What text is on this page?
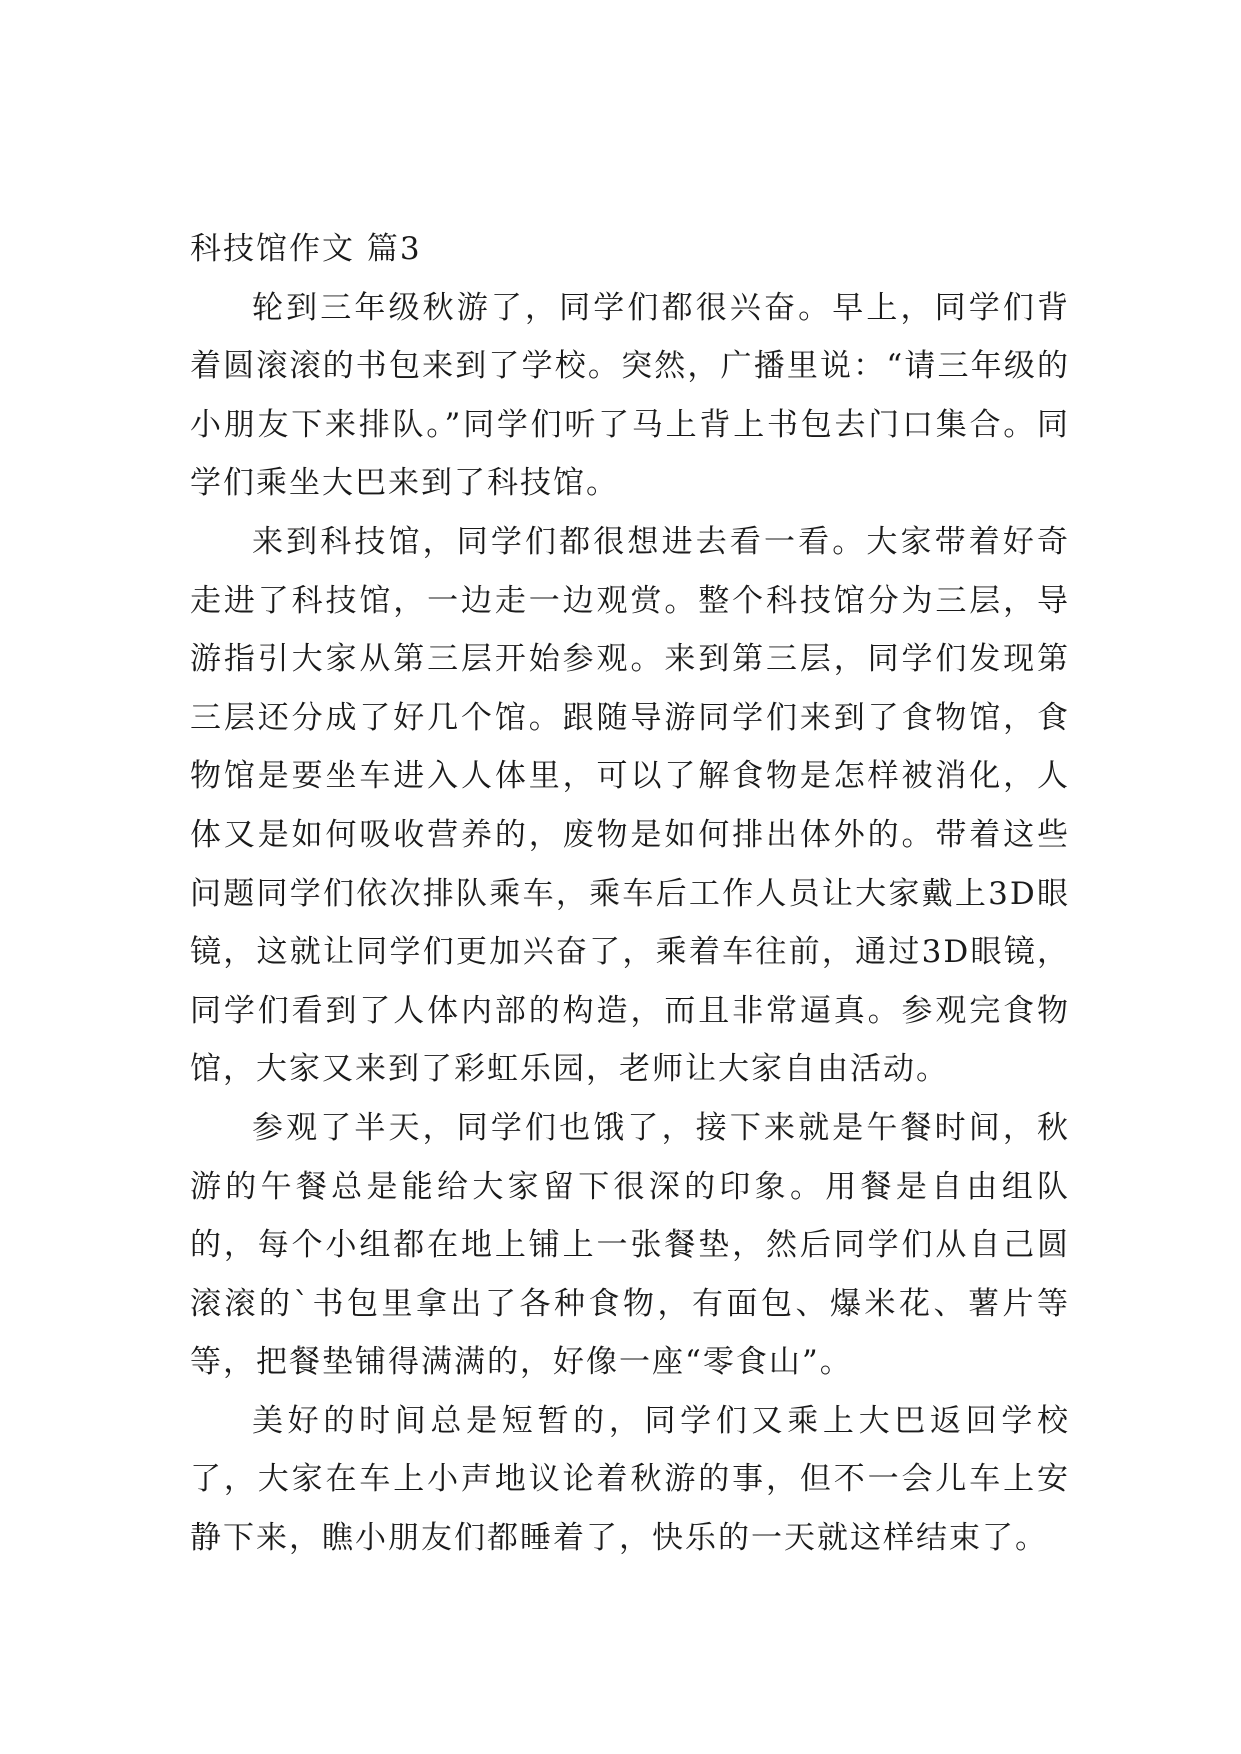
科技馆作文 篇3

轮到三年级秋游了，同学们都很兴奋。早上，同学们背着圆滚滚的书包来到了学校。突然，广播里说：“请三年级的小朋友下来排队。”同学们听了马上背上书包去门口集合。同学们乘坐大巴来到了科技馆。

来到科技馆，同学们都很想进去看一看。大家带着好奇走进了科技馆，一边走一边观赏。整个科技馆分为三层，导游指引大家从第三层开始参观。来到第三层，同学们发现第三层还分成了好几个馆。跟随导游同学们来到了食物馆，食物馆是要坐车进入人体里，可以了解食物是怎样被消化，人体又是如何吸收营养的，废物是如何排出体外的。带着这些问题同学们依次排队乘车，乘车后工作人员让大家戴上3D眼镜，这就让同学们更加兴奋了，乘着车往前，通过3D眼镜，同学们看到了人体内部的构造，而且非常逼真。参观完食物馆，大家又来到了彩虹乐园，老师让大家自由活动。

参观了半天，同学们也饿了，接下来就是午餐时间，秋游的午餐总是能给大家留下很深的印象。用餐是自由组队的，每个小组都在地上铺上一张餐垫，然后同学们从自己圆滚滚的`书包里拿出了各种食物，有面包、爆米花、薯片等等，把餐垫铺得满满的，好像一座“零食山”。

美好的时间总是短暂的，同学们又乘上大巴返回学校了，大家在车上小声地议论着秋游的事，但不一会儿车上安静下来，瞧小朋友们都睡着了，快乐的一天就这样结束了。
